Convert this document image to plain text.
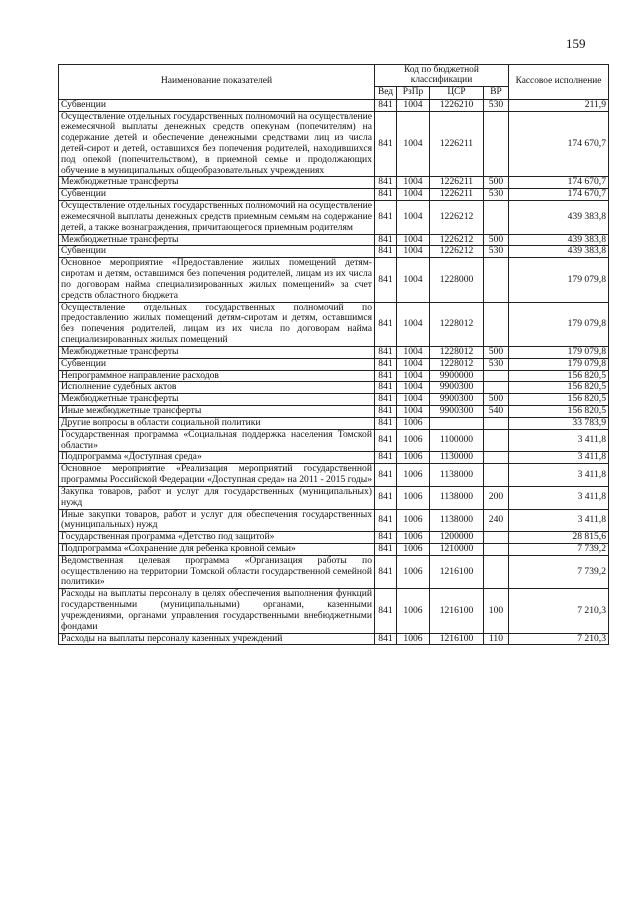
159
Наименование показателей	Код по бюджетной классификации				Кассовое исполнение
	Вед	РзПр	ЦСР	ВР	
Субвенции	841	1004	1226210	530	211,9
Осуществление отдельных государственных полномочий на осуществление ежемесячной выплаты денежных средств опекунам (попечителям) на содержание детей и обеспечение денежными средствами лиц из числа детей-сирот и детей, оставшихся без попечения родителей, находившихся под опекой (попечительством), в приемной семье и продолжающих обучение в муниципальных общеобразовательных учреждениях	841	1004	1226211		174 670,7
Межбюджетные трансферты	841	1004	1226211	500	174 670,7
Субвенции	841	1004	1226211	530	174 670,7
Осуществление отдельных государственных полномочий на осуществление ежемесячной выплаты денежных средств приемным семьям на содержание детей, а также вознаграждения, причитающегося приемным родителям	841	1004	1226212		439 383,8
Межбюджетные трансферты	841	1004	1226212	500	439 383,8
Субвенции	841	1004	1226212	530	439 383,8
Основное мероприятие «Предоставление жилых помещений детям-сиротам и детям, оставшимся без попечения родителей, лицам из их числа по договорам найма специализированных жилых помещений» за счет средств областного бюджета	841	1004	1228000		179 079,8
Осуществление отдельных государственных полномочий по предоставлению жилых помещений детям-сиротам и детям, оставшимся без попечения родителей, лицам из их числа по договорам найма специализированных жилых помещений	841	1004	1228012		179 079,8
Межбюджетные трансферты	841	1004	1228012	500	179 079,8
Субвенции	841	1004	1228012	530	179 079,8
Непрограммное направление расходов	841	1004	9900000		156 820,5
Исполнение судебных актов	841	1004	9900300		156 820,5
Межбюджетные трансферты	841	1004	9900300	500	156 820,5
Иные межбюджетные трансферты	841	1004	9900300	540	156 820,5
Другие вопросы в области социальной политики	841	1006			33 783,9
Государственная программа «Социальная поддержка населения Томской области»	841	1006	1100000		3 411,8
Подпрограмма «Доступная среда»	841	1006	1130000		3 411,8
Основное мероприятие «Реализация мероприятий государственной программы Российской Федерации «Доступная среда» на 2011 - 2015 годы»	841	1006	1138000		3 411,8
Закупка товаров, работ и услуг для государственных (муниципальных) нужд	841	1006	1138000	200	3 411,8
Иные закупки товаров, работ и услуг для обеспечения государственных (муниципальных) нужд	841	1006	1138000	240	3 411,8
Государственная программа «Детство под защитой»	841	1006	1200000		28 815,6
Подпрограмма «Сохранение для ребенка кровной семьи»	841	1006	1210000		7 739,2
Ведомственная целевая программа «Организация работы по осуществлению на территории Томской области государственной семейной политики»	841	1006	1216100		7 739,2
Расходы на выплаты персоналу в целях обеспечения выполнения функций государственными (муниципальными) органами, казенными учреждениями, органами управления государственными внебюджетными фондами	841	1006	1216100	100	7 210,3
Расходы на выплаты персоналу казенных учреждений	841	1006	1216100	110	7 210,3
